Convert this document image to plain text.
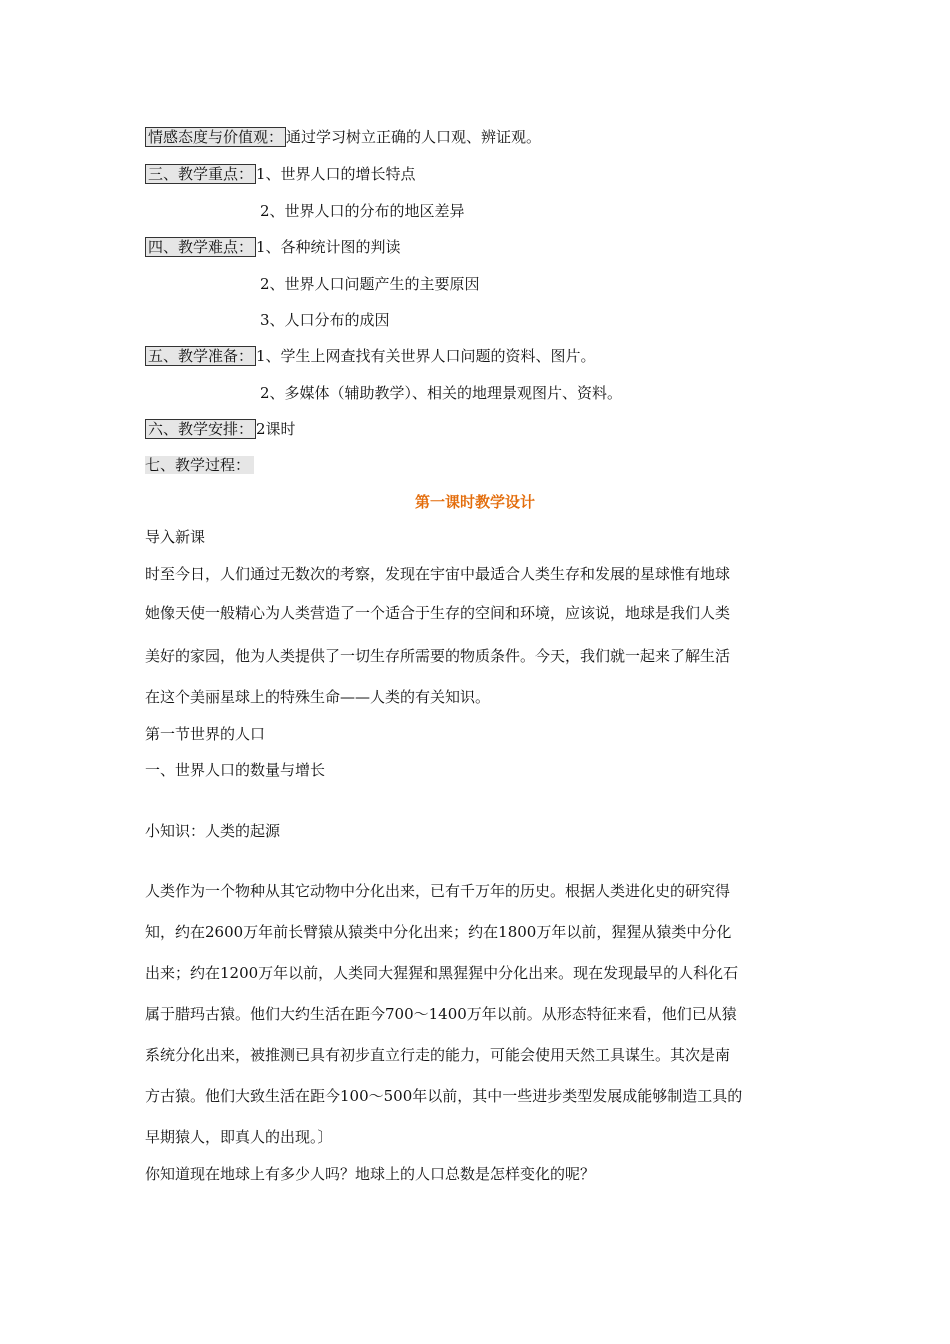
情感态度与价值观： 通过学习树立正确的人口观、辨证观。
三、教学重点： 1、世界人口的增长特点
2、世界人口的分布的地区差异
四、教学难点： 1、各种统计图的判读
2、世界人口问题产生的主要原因
3、人口分布的成因
五、教学准备： 1、学生上网查找有关世界人口问题的资料、图片。
2、多媒体（辅助教学）、相关的地理景观图片、资料。
六、教学安排： 2课时
七、教学过程：
第一课时教学设计
导入新课
时至今日，人们通过无数次的考察，发现在宇宙中最适合人类生存和发展的星球惟有地球
她像天使一般精心为人类营造了一个适合于生存的空间和环境，应该说，地球是我们人类
美好的家园，他为人类提供了一切生存所需要的物质条件。今天，我们就一起来了解生活
在这个美丽星球上的特殊生命——人类的有关知识。
第一节世界的人口
一、世界人口的数量与增长
小知识：人类的起源
人类作为一个物种从其它动物中分化出来，已有千万年的历史。根据人类进化史的研究得
知，约在2600万年前长臂猿从猿类中分化出来；约在1800万年以前，猩猩从猿类中分化
出来；约在1200万年以前，人类同大猩猩和黑猩猩中分化出来。现在发现最早的人科化石
属于腊玛古猿。他们大约生活在距今700～1400万年以前。从形态特征来看，他们已从猿
系统分化出来，被推测已具有初步直立行走的能力，可能会使用天然工具谋生。其次是南
方古猿。他们大致生活在距今100～500年以前，其中一些进步类型发展成能够制造工具的
早期猿人，即真人的出现。〕
你知道现在地球上有多少人吗？地球上的人口总数是怎样变化的呢？
